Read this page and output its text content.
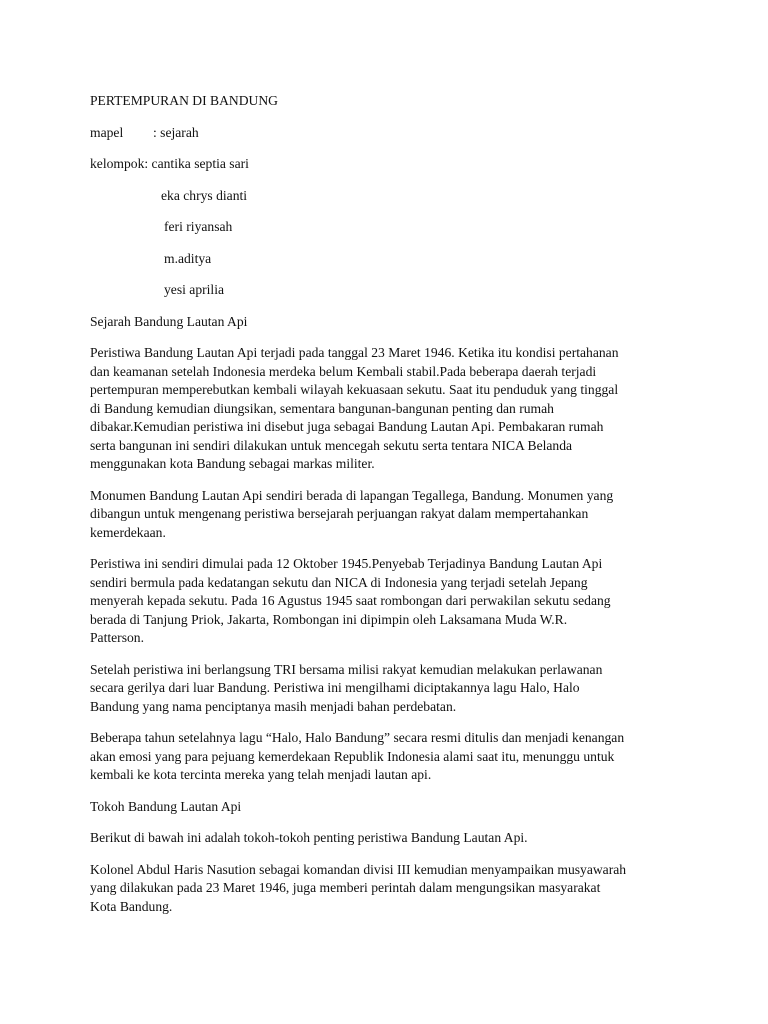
PERTEMPURAN DI BANDUNG

mapel	: sejarah
kelompok : cantika septia sari
eka chrys dianti
feri riyansah
m.aditya
yesi aprilia

Sejarah Bandung Lautan Api

Peristiwa Bandung Lautan Api terjadi pada tanggal 23 Maret 1946. Ketika itu kondisi pertahanan
dan keamanan setelah Indonesia merdeka belum Kembali stabil.Pada beberapa daerah terjadi
pertempuran memperebutkan kembali wilayah kekuasaan sekutu. Saat itu penduduk yang tinggal
di Bandung kemudian diungsikan, sementara bangunan-bangunan penting dan rumah
dibakar.Kemudian peristiwa ini disebut juga sebagai Bandung Lautan Api. Pembakaran rumah
serta bangunan ini sendiri dilakukan untuk mencegah sekutu serta tentara NICA Belanda
menggunakan kota Bandung sebagai markas militer.
Monumen Bandung Lautan Api sendiri berada di lapangan Tegallega, Bandung. Monumen yang
dibangun untuk mengenang peristiwa bersejarah perjuangan rakyat dalam mempertahankan
kemerdekaan.
Peristiwa ini sendiri dimulai pada 12 Oktober 1945.Penyebab Terjadinya Bandung Lautan Api
sendiri bermula pada kedatangan sekutu dan NICA di Indonesia yang terjadi setelah Jepang
menyerah kepada sekutu. Pada 16 Agustus 1945 saat rombongan dari perwakilan sekutu sedang
berada di Tanjung Priok, Jakarta, Rombongan ini dipimpin oleh Laksamana Muda W.R.
Patterson.
Setelah peristiwa ini berlangsung TRI bersama milisi rakyat kemudian melakukan perlawanan
secara gerilya dari luar Bandung. Peristiwa ini mengilhami diciptakannya lagu Halo, Halo
Bandung yang nama penciptanya masih menjadi bahan perdebatan.
Beberapa tahun setelahnya lagu “Halo, Halo Bandung” secara resmi ditulis dan menjadi kenangan
akan emosi yang para pejuang kemerdekaan Republik Indonesia alami saat itu, menunggu untuk
kembali ke kota tercinta mereka yang telah menjadi lautan api.

Tokoh Bandung Lautan Api

Berikut di bawah ini adalah tokoh-tokoh penting peristiwa Bandung Lautan Api.
Kolonel Abdul Haris Nasution sebagai komandan divisi III kemudian menyampaikan musyawarah
yang dilakukan pada 23 Maret 1946, juga memberi perintah dalam mengungsikan masyarakat
Kota Bandung.
